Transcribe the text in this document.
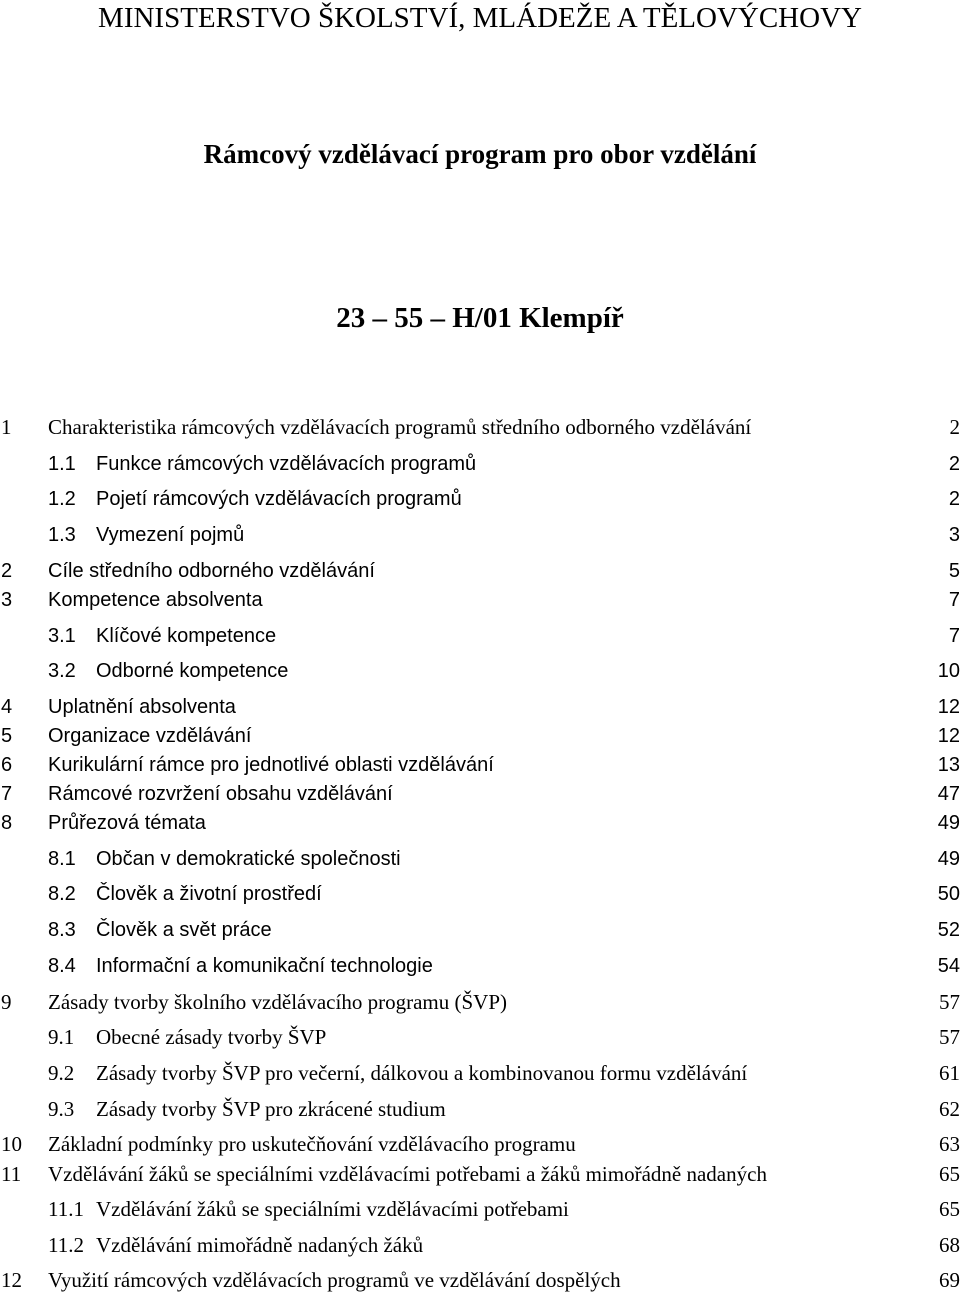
MINISTERSTVO ŠKOLSTVÍ, MLÁDEŽE A TĚLOVÝCHOVY
Rámcový vzdělávací program pro obor vzdělání
23 – 55 – H/01 Klempíř
1 Charakteristika rámcových vzdělávacích programů středního odborného vzdělávání	2
1.1 Funkce rámcových vzdělávacích programů	2
1.2 Pojetí rámcových vzdělávacích programů	2
1.3 Vymezení pojmů	3
2 Cíle středního odborného vzdělávání	5
3 Kompetence absolventa	7
3.1 Klíčové kompetence	7
3.2 Odborné kompetence	10
4 Uplatnění absolventa	12
5 Organizace vzdělávání	12
6 Kurikulární rámce pro jednotlivé oblasti vzdělávání	13
7 Rámcové rozvržení obsahu vzdělávání	47
8 Průřezová témata	49
8.1 Občan v demokratické společnosti	49
8.2 Člověk a životní prostředí	50
8.3 Člověk a svět práce	52
8.4 Informační a komunikační technologie	54
9 Zásady tvorby školního vzdělávacího programu (ŠVP)	57
9.1 Obecné zásady tvorby ŠVP	57
9.2 Zásady tvorby ŠVP pro večerní, dálkovou a kombinovanou formu vzdělávání	61
9.3 Zásady tvorby ŠVP pro zkrácené studium	62
10 Základní podmínky pro uskutečňování vzdělávacího programu	63
11 Vzdělávání žáků se speciálními vzdělávacími potřebami a žáků mimořádně nadaných	65
11.1 Vzdělávání žáků se speciálními vzdělávacími potřebami	65
11.2 Vzdělávání mimořádně nadaných žáků	68
12 Využití rámcových vzdělávacích programů ve vzdělávání dospělých	69
